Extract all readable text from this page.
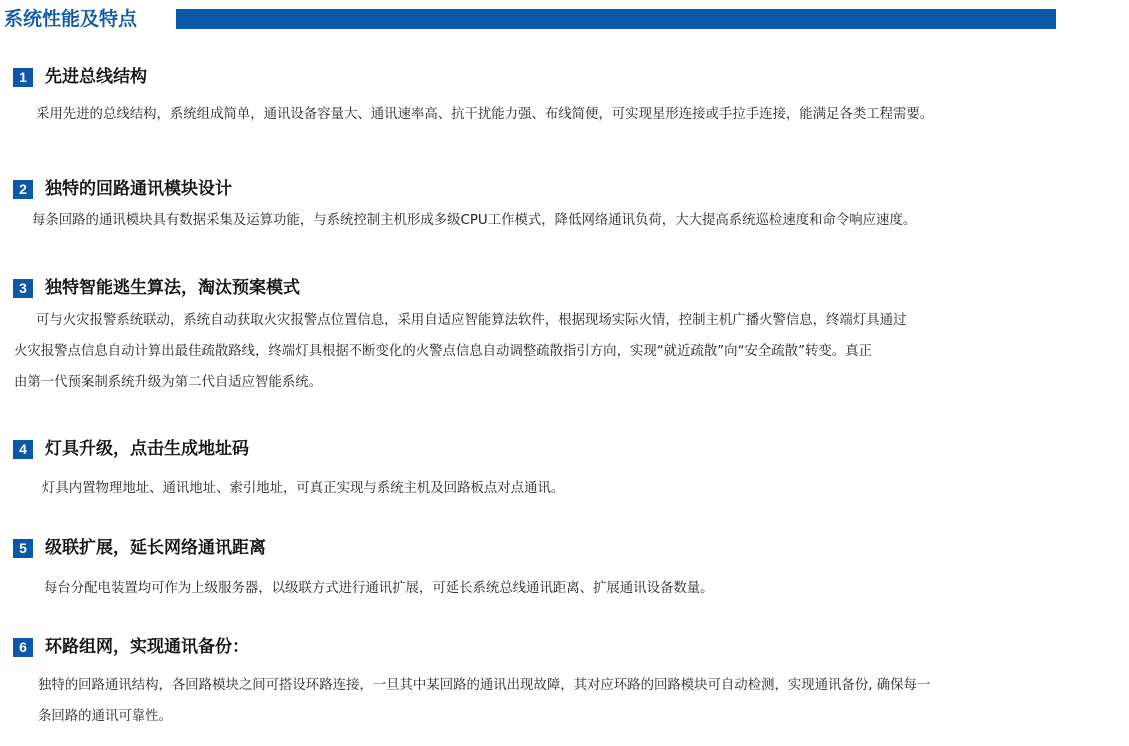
系统性能及特点
1	先进总线结构

采用先进的总线结构，系统组成简单，通讯设备容量大、通讯速率高、抗干扰能力强、布线简便，可实现星形连接或手拉手连接，能满足各类工程需要。

2	独特的回路通讯模块设计

每条回路的通讯模块具有数据采集及运算功能，与系统控制主机形成多级CPU工作模式，降低网络通讯负荷，大大提高系统巡检速度和命令响应速度。

3	独特智能逃生算法，淘汰预案模式

可与火灾报警系统联动，系统自动获取火灾报警点位置信息，采用自适应智能算法软件，根据现场实际火情，控制主机广播火警信息，终端灯具通过

火灾报警点信息自动计算出最佳疏散路线，终端灯具根据不断变化的火警点信息自动调整疏散指引方向，实现“就近疏散”向“安全疏散”转变。真正

由第一代预案制系统升级为第二代自适应智能系统。

4	灯具升级，点击生成地址码

灯具内置物理地址、通讯地址、索引地址，可真正实现与系统主机及回路板点对点通讯。

5	级联扩展，延长网络通讯距离

每台分配电装置均可作为上级服务器，以级联方式进行通讯扩展，可延长系统总线通讯距离、扩展通讯设备数量。

6	环路组网，实现通讯备份：

独特的回路通讯结构，各回路模块之间可搭设环路连接，一旦其中某回路的通讯出现故障，其对应环路的回路模块可自动检测，实现通讯备份, 确保每一

条回路的通讯可靠性。
